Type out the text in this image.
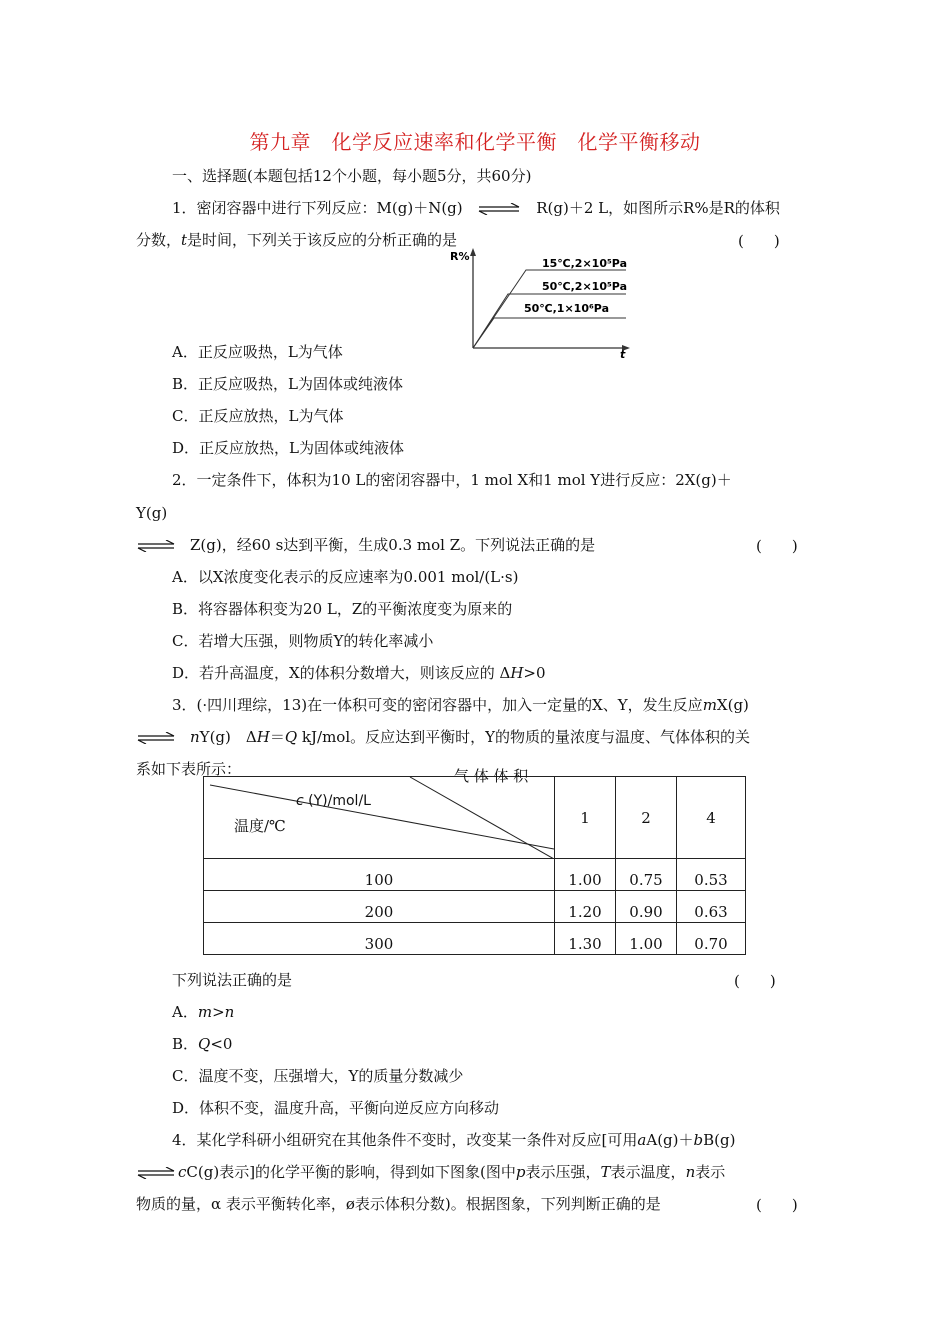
第九章　化学反应速率和化学平衡　化学平衡移动
一、选择题(本题包括12个小题，每小题5分，共60分)
1．密闭容器中进行下列反应：M(g)＋N(g) ⇌ R(g)＋2 L，如图所示R%是R的体积
分数，t是时间，下列关于该反应的分析正确的是	(　　)
R%
t
15℃,2×10⁵Pa
50℃,2×10⁵Pa
50℃,1×10⁶Pa
A．正反应吸热，L为气体
B．正反应吸热，L为固体或纯液体
C．正反应放热，L为气体
D．正反应放热，L为固体或纯液体
2．一定条件下，体积为10 L的密闭容器中，1 mol X和1 mol Y进行反应：2X(g)＋
Y(g)
⇌ Z(g)，经60 s达到平衡，生成0.3 mol Z。下列说法正确的是	(　　)
A．以X浓度变化表示的反应速率为0.001 mol/(L·s)
B．将容器体积变为20 L，Z的平衡浓度变为原来的
C．若增大压强，则物质Y的转化率减小
D．若升高温度，X的体积分数增大，则该反应的 ΔH>0
3．(·四川理综，13)在一体积可变的密闭容器中，加入一定量的X、Y，发生反应mX(g)
⇌ nY(g)　ΔH＝Q kJ/mol。反应达到平衡时，Y的物质的量浓度与温度、气体体积的关
系如下表所示：	气 体 体 积
c (Y)/mol/L
温度/℃	1	2	4
100	1.00	0.75	0.53
200	1.20	0.90	0.63
300	1.30	1.00	0.70
下列说法正确的是	(　　)
A．m>n
B．Q<0
C．温度不变，压强增大，Y的质量分数减少
D．体积不变，温度升高，平衡向逆反应方向移动
4．某化学科研小组研究在其他条件不变时，改变某一条件对反应[可用aA(g)＋bB(g)
⇌ cC(g)表示]的化学平衡的影响，得到如下图象(图中p表示压强，T表示温度，n表示
物质的量，α 表示平衡转化率，ø表示体积分数)。根据图象，下列判断正确的是	(　　)
